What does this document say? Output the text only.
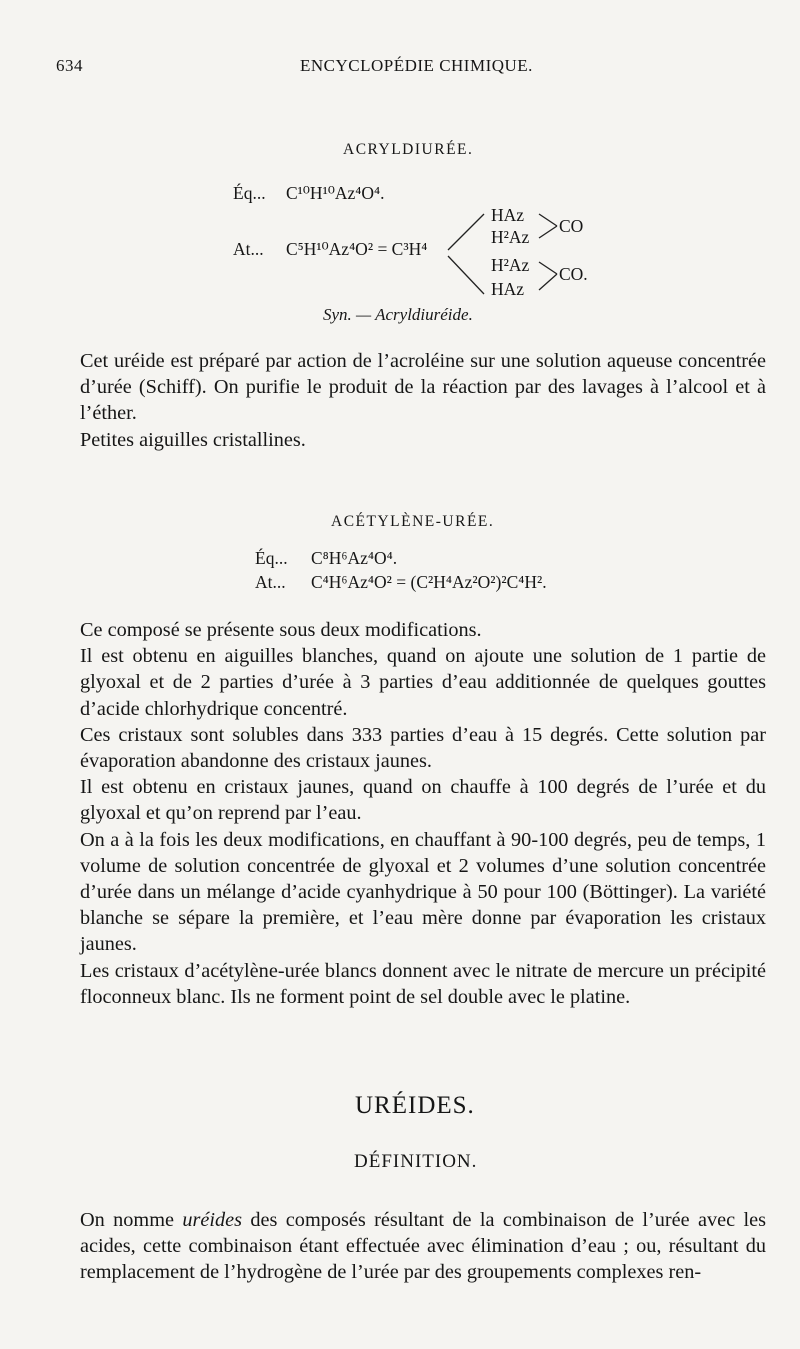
634	ENCYCLOPÉDIE CHIMIQUE.
ACRYLDIURÉE.
Éq... C¹⁰H¹⁰Az⁴O⁴.
At... C⁵H¹⁰Az⁴O² = C³H⁴
HAz
H²Az
H²Az
HAz
CO
CO.
Syn. — Acryldiuréide.

Cet uréide est préparé par action de l’acroléine sur une solution aqueuse concentrée d’urée (Schiff). On purifie le produit de la réaction par des lavages à l’alcool et à l’éther.

Petites aiguilles cristallines.

ACÉTYLÈNE-URÉE.
Éq... C⁸H⁶Az⁴O⁴.
At... C⁴H⁶Az⁴O² = (C²H⁴Az²O²)²C⁴H².

Ce composé se présente sous deux modifications.

Il est obtenu en aiguilles blanches, quand on ajoute une solution de 1 partie de glyoxal et de 2 parties d’urée à 3 parties d’eau additionnée de quelques gouttes d’acide chlorhydrique concentré.

Ces cristaux sont solubles dans 333 parties d’eau à 15 degrés. Cette solution par évaporation abandonne des cristaux jaunes.

Il est obtenu en cristaux jaunes, quand on chauffe à 100 degrés de l’urée et du glyoxal et qu’on reprend par l’eau.

On a à la fois les deux modifications, en chauffant à 90-100 degrés, peu de temps, 1 volume de solution concentrée de glyoxal et 2 volumes d’une solution concentrée d’urée dans un mélange d’acide cyanhydrique à 50 pour 100 (Böttinger). La variété blanche se sépare la première, et l’eau mère donne par évaporation les cristaux jaunes.

Les cristaux d’acétylène-urée blancs donnent avec le nitrate de mercure un précipité floconneux blanc. Ils ne forment point de sel double avec le platine.

URÉIDES.
DÉFINITION.

On nomme uréides des composés résultant de la combinaison de l’urée avec les acides, cette combinaison étant effectuée avec élimination d’eau ; ou, résultant du remplacement de l’hydrogène de l’urée par des groupements complexes ren-
